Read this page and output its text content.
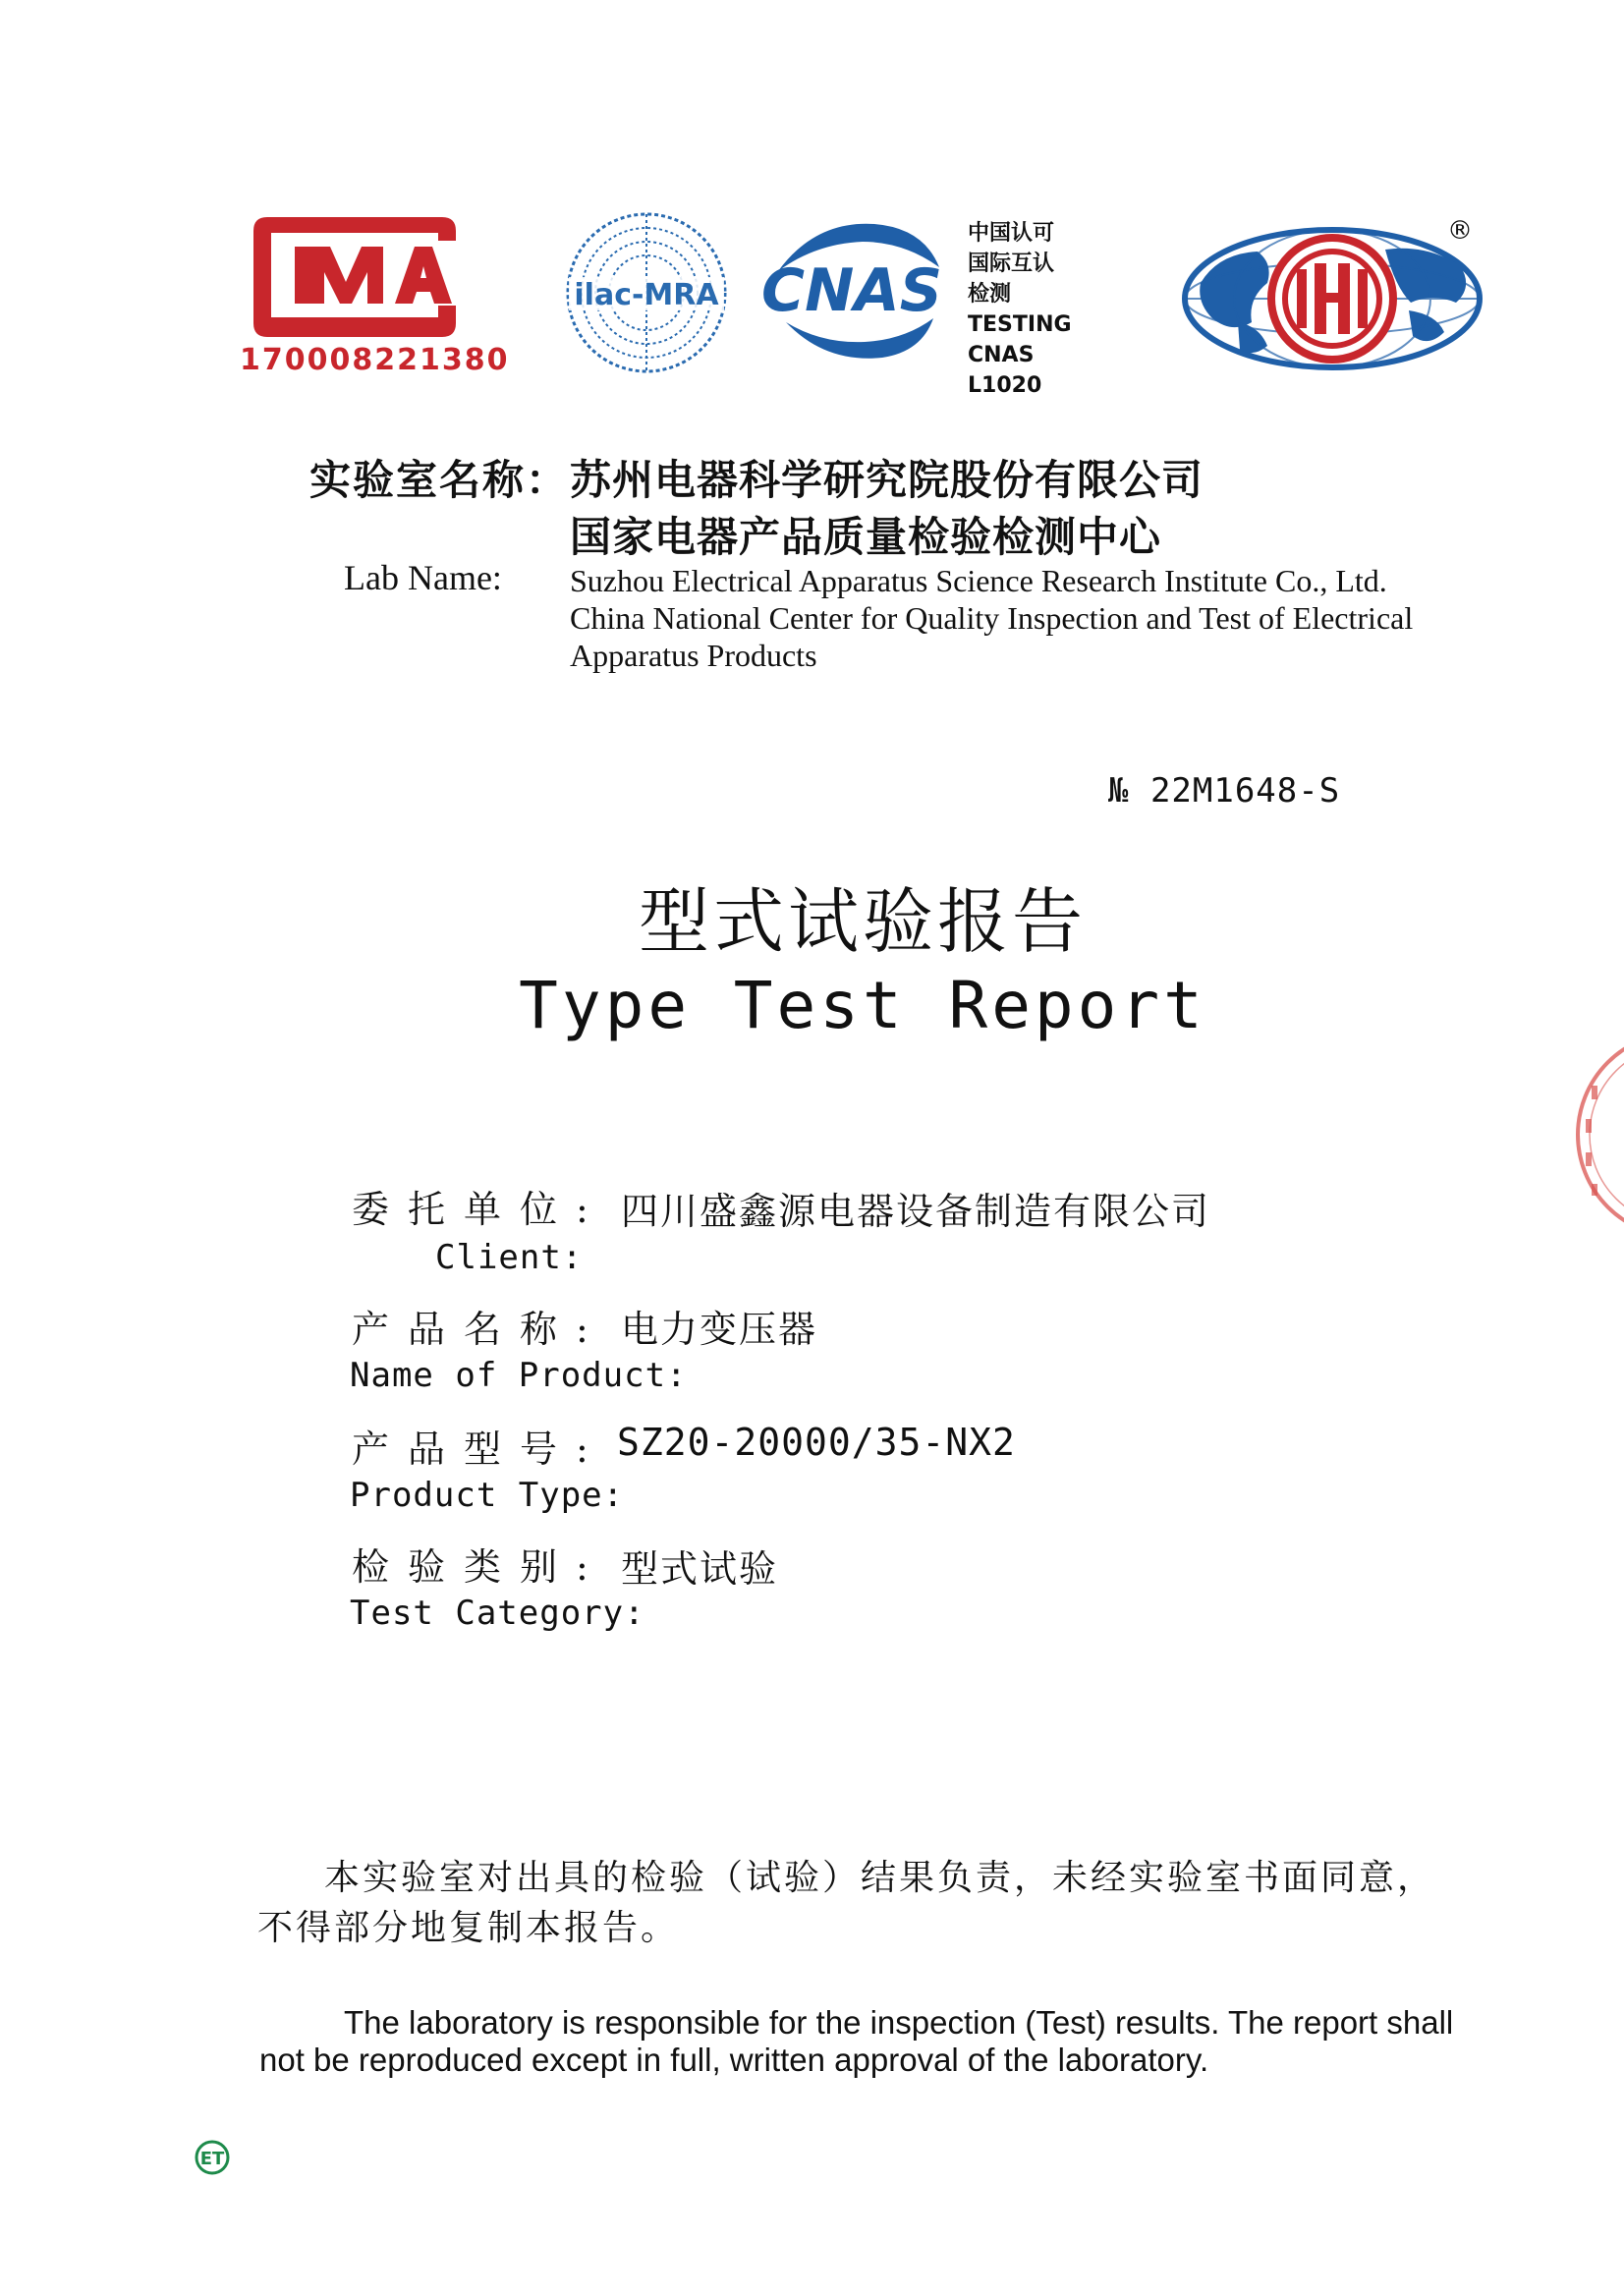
170008221380
ilac-MRA CNAS
中国认可
国际互认
检测
TESTING
CNAS L1020
®
实验室名称： 苏州电器科学研究院股份有限公司
国家电器产品质量检验检测中心
Lab Name: Suzhou Electrical Apparatus Science Research Institute Co., Ltd.
China National Center for Quality Inspection and Test of Electrical
Apparatus Products
№ 22M1648-S
型式试验报告
Type Test Report
委托单位: 四川盛鑫源电器设备制造有限公司
Client:
产品名称: 电力变压器
Name of Product:
产品型号: SZ20-20000/35-NX2
Product Type:
检验类别: 型式试验
Test Category:
本实验室对出具的检验（试验）结果负责，未经实验室书面同意，
不得部分地复制本报告。
The laboratory is responsible for the inspection (Test) results. The report shall
not be reproduced except in full, written approval of the laboratory.
ET
